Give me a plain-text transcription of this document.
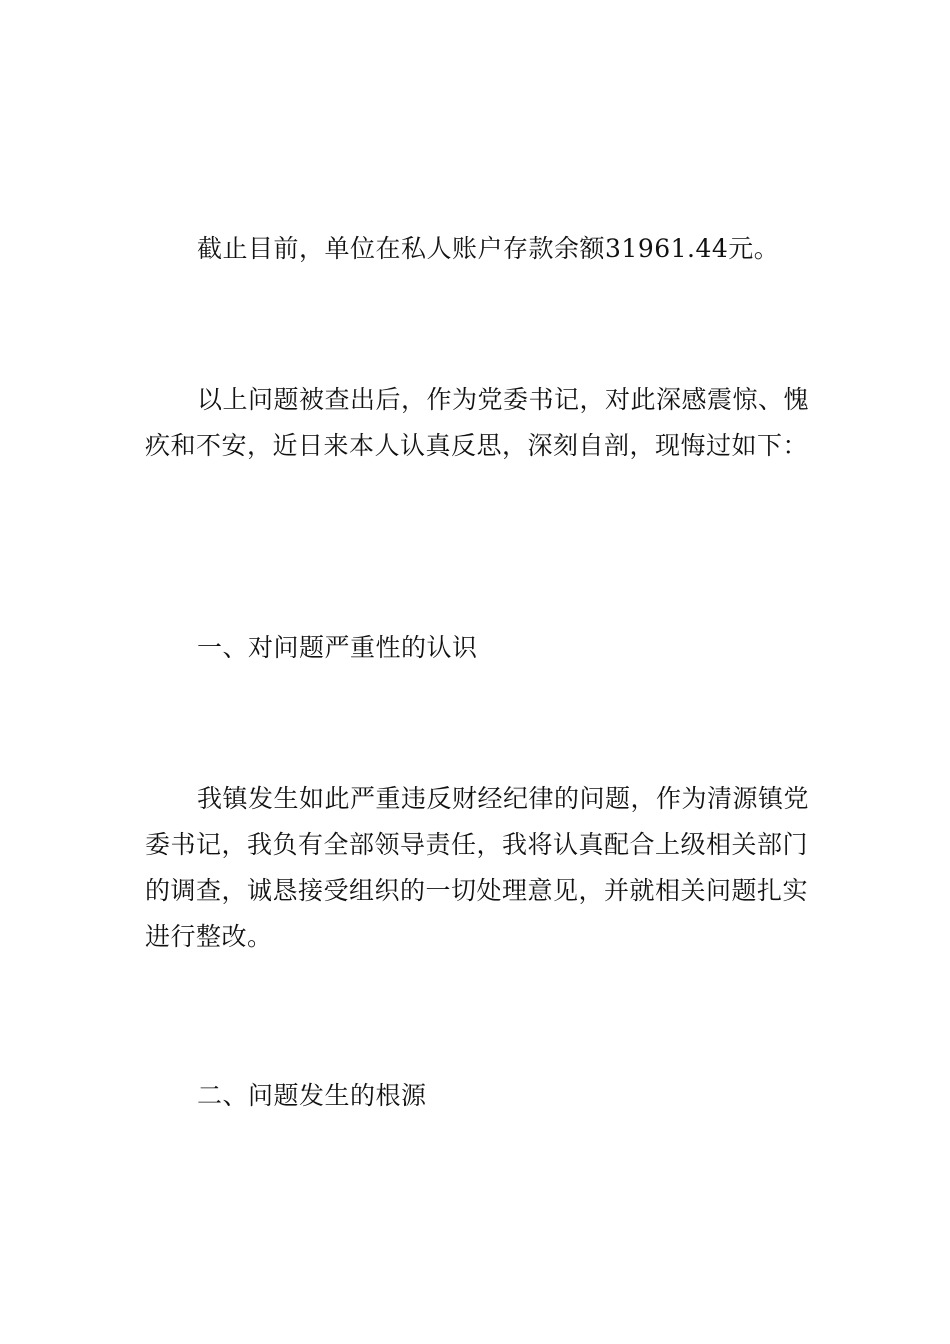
截止目前，单位在私人账户存款余额31961.44元。

以上问题被查出后，作为党委书记，对此深感震惊、愧疚和不安，近日来本人认真反思，深刻自剖，现悔过如下：

一、对问题严重性的认识

我镇发生如此严重违反财经纪律的问题，作为清源镇党委书记，我负有全部领导责任，我将认真配合上级相关部门的调查，诚恳接受组织的一切处理意见，并就相关问题扎实进行整改。

二、问题发生的根源
